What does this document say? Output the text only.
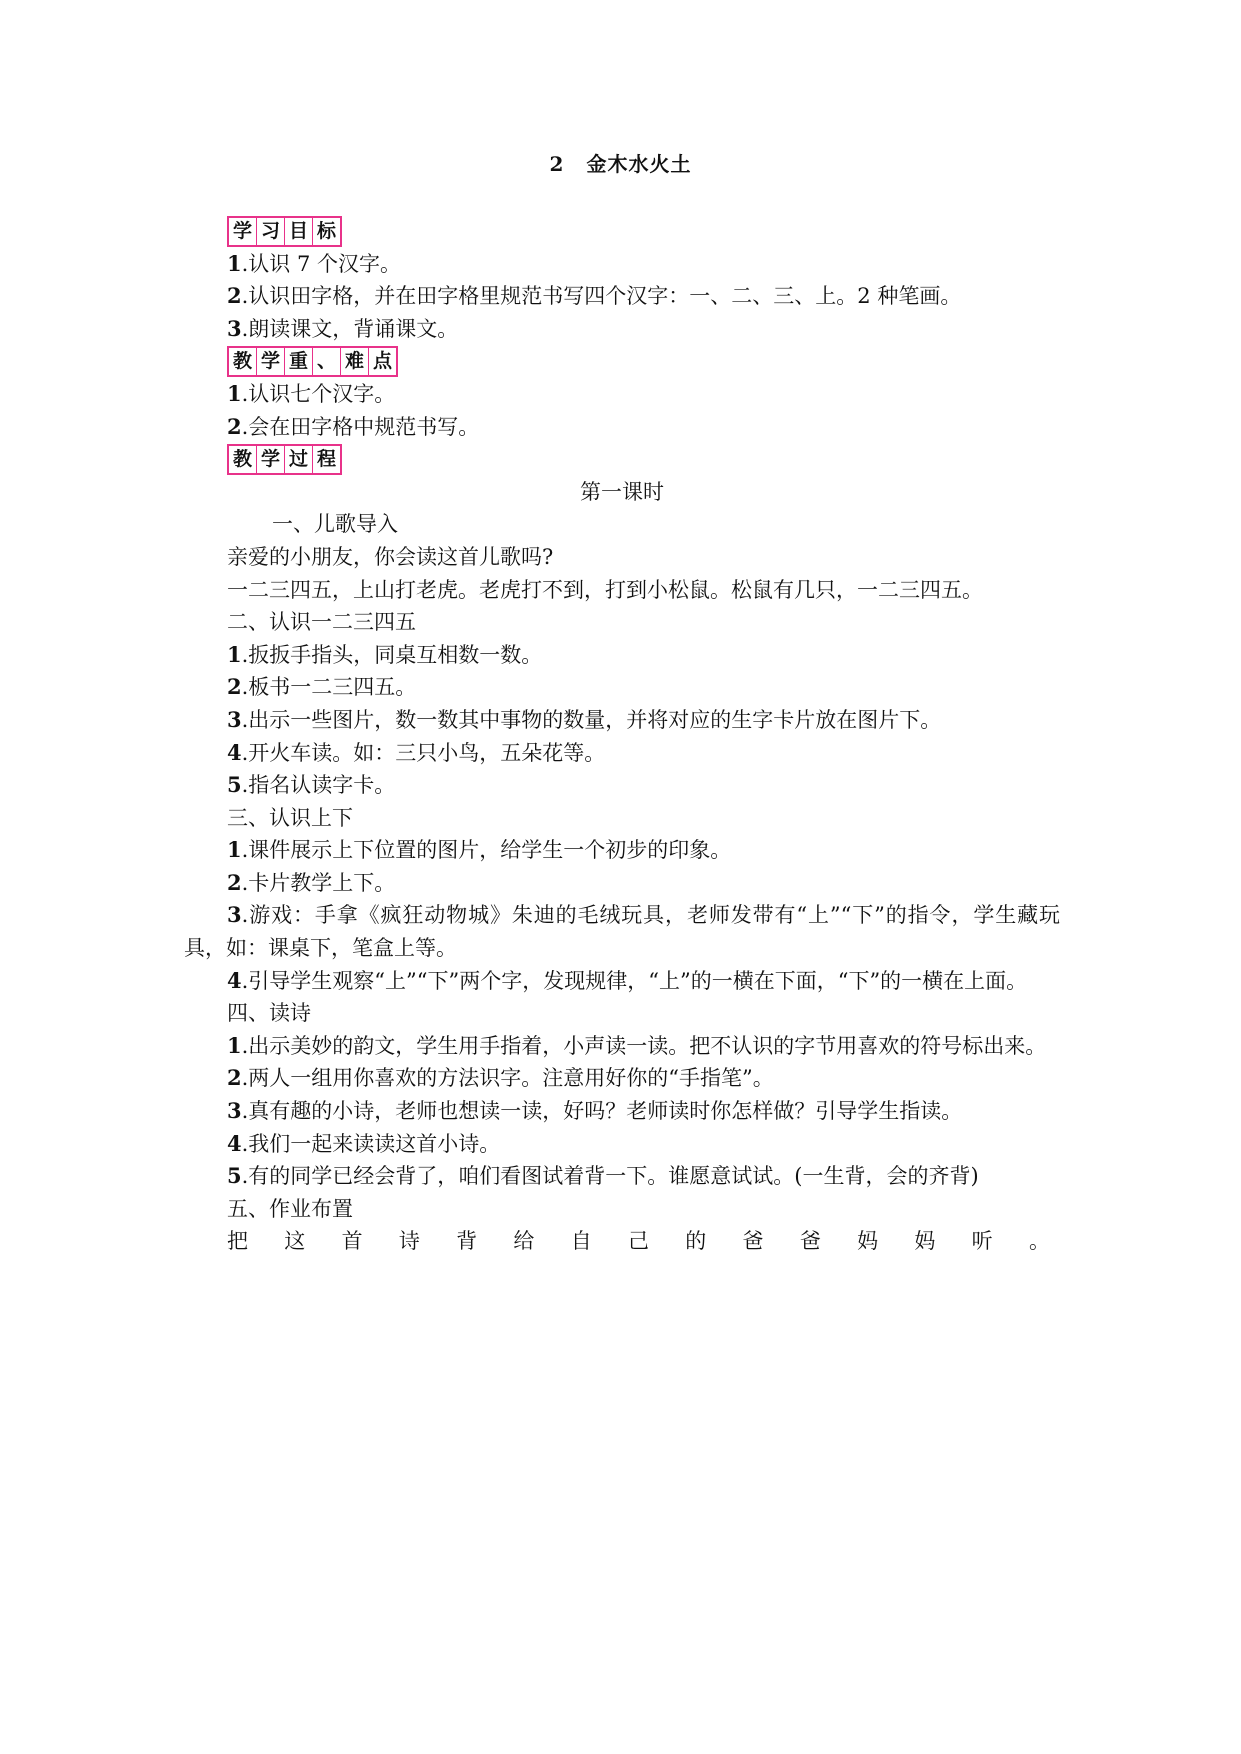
2 金木水火土
学 习 目 标
1.认识 7 个汉字。
2.认识田字格，并在田字格里规范书写四个汉字：一、二、三、上。2 种笔画。
3.朗读课文，背诵课文。
教 学 重 、 难 点
1.认识七个汉字。
2.会在田字格中规范书写。
教 学 过 程
第一课时
一、儿歌导入
亲爱的小朋友，你会读这首儿歌吗?
一二三四五，上山打老虎。老虎打不到，打到小松鼠。松鼠有几只，一二三四五。
二、认识一二三四五
1.扳扳手指头，同桌互相数一数。
2.板书一二三四五。
3.出示一些图片，数一数其中事物的数量，并将对应的生字卡片放在图片下。
4.开火车读。如：三只小鸟，五朵花等。
5.指名认读字卡。
三、认识上下
1.课件展示上下位置的图片，给学生一个初步的印象。
2.卡片教学上下。
3.游戏：手拿《疯狂动物城》朱迪的毛绒玩具，老师发带有“上”“下”的指令，学生藏玩具，如：课桌下，笔盒上等。
4.引导学生观察“上”“下”两个字，发现规律，“上”的一横在下面，“下”的一横在上面。
四、读诗
1.出示美妙的韵文，学生用手指着，小声读一读。把不认识的字节用喜欢的符号标出来。
2.两人一组用你喜欢的方法识字。注意用好你的“手指笔”。
3.真有趣的小诗，老师也想读一读，好吗？老师读时你怎样做？引导学生指读。
4.我们一起来读读这首小诗。
5.有的同学已经会背了，咱们看图试着背一下。谁愿意试试。(一生背，会的齐背)
五、作业布置
把 这 首 诗 背 给 自 己 的 爸 爸 妈 妈 听 。
